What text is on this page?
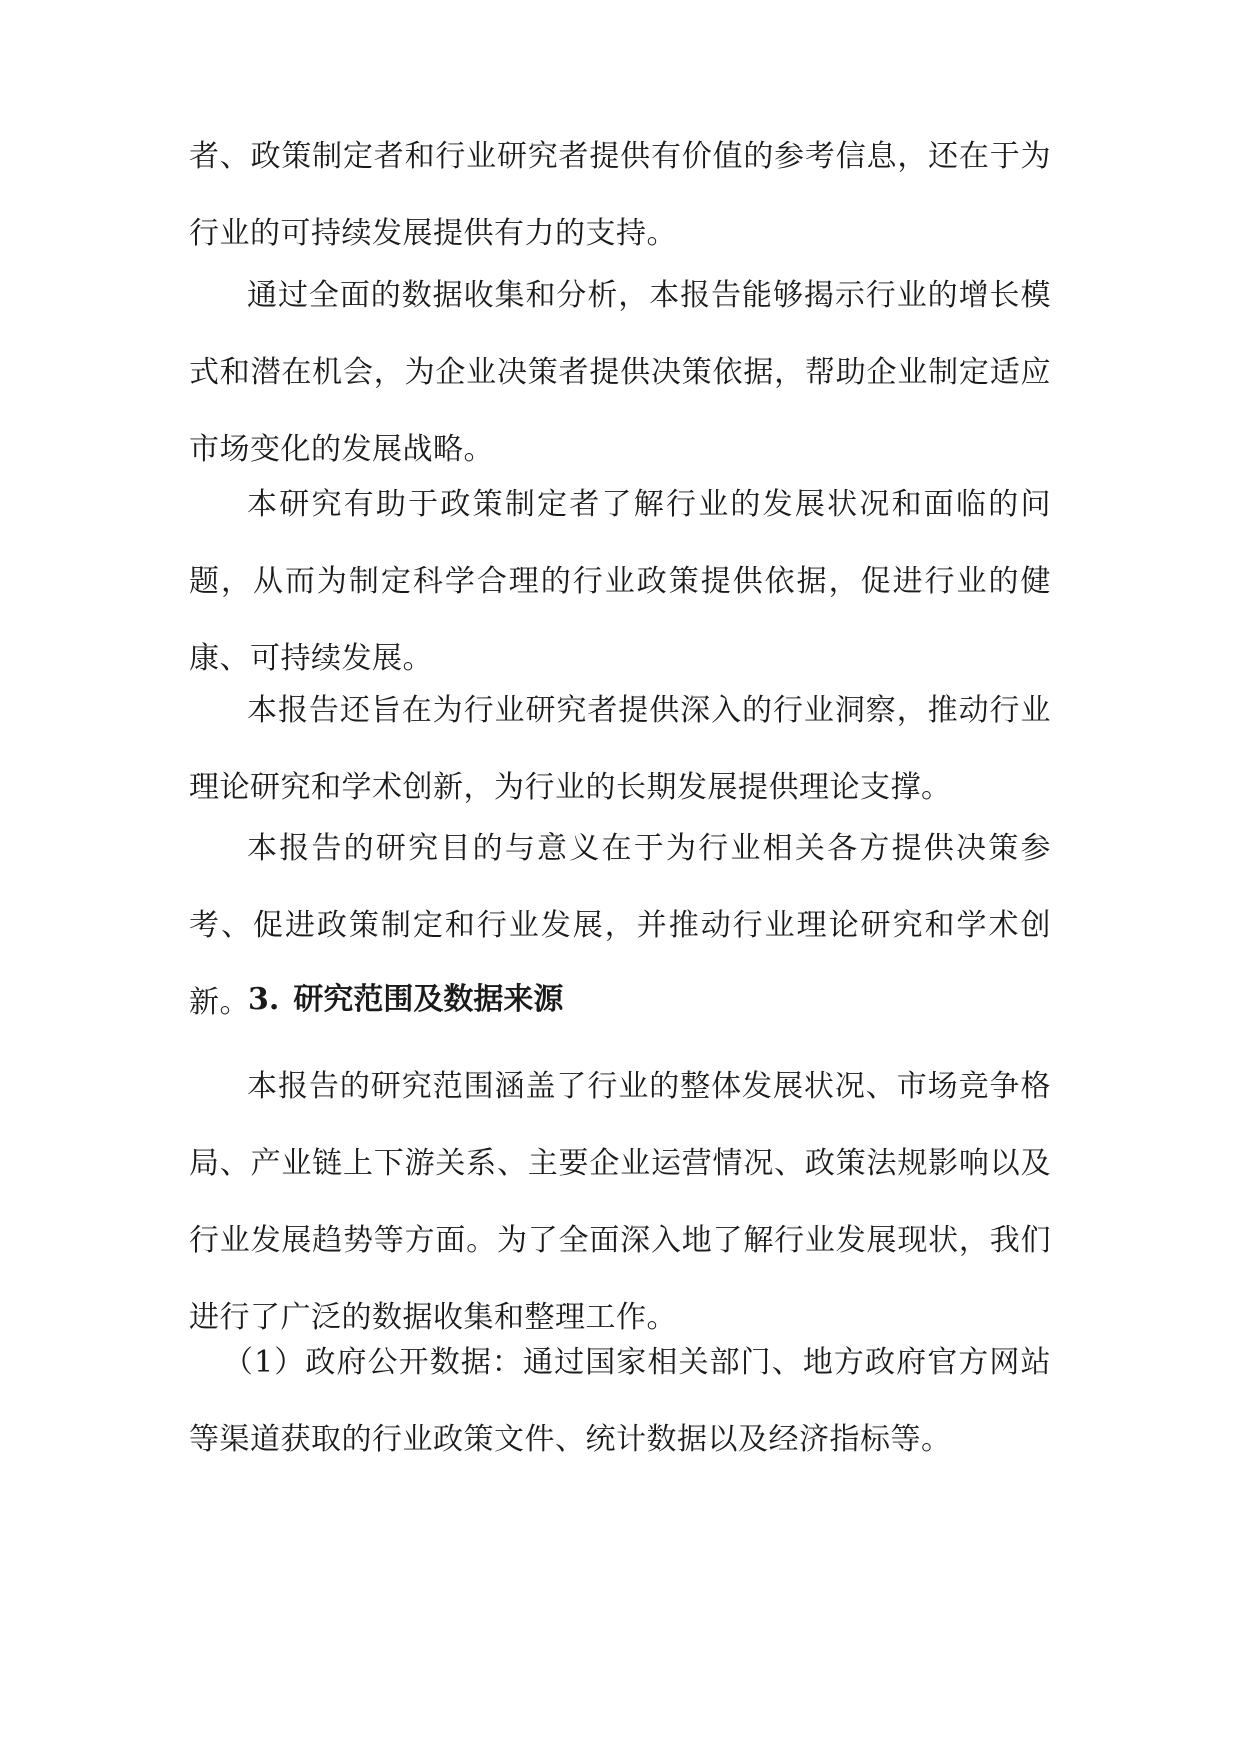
者、政策制定者和行业研究者提供有价值的参考信息，还在于为行业的可持续发展提供有力的支持。

通过全面的数据收集和分析，本报告能够揭示行业的增长模式和潜在机会，为企业决策者提供决策依据，帮助企业制定适应市场变化的发展战略。

本研究有助于政策制定者了解行业的发展状况和面临的问题，从而为制定科学合理的行业政策提供依据，促进行业的健康、可持续发展。

本报告还旨在为行业研究者提供深入的行业洞察，推动行业理论研究和学术创新，为行业的长期发展提供理论支撑。

本报告的研究目的与意义在于为行业相关各方提供决策参考、促进政策制定和行业发展，并推动行业理论研究和学术创新。

3. 研究范围及数据来源

本报告的研究范围涵盖了行业的整体发展状况、市场竞争格局、产业链上下游关系、主要企业运营情况、政策法规影响以及行业发展趋势等方面。为了全面深入地了解行业发展现状，我们进行了广泛的数据收集和整理工作。

（1）政府公开数据：通过国家相关部门、地方政府官方网站等渠道获取的行业政策文件、统计数据以及经济指标等。
